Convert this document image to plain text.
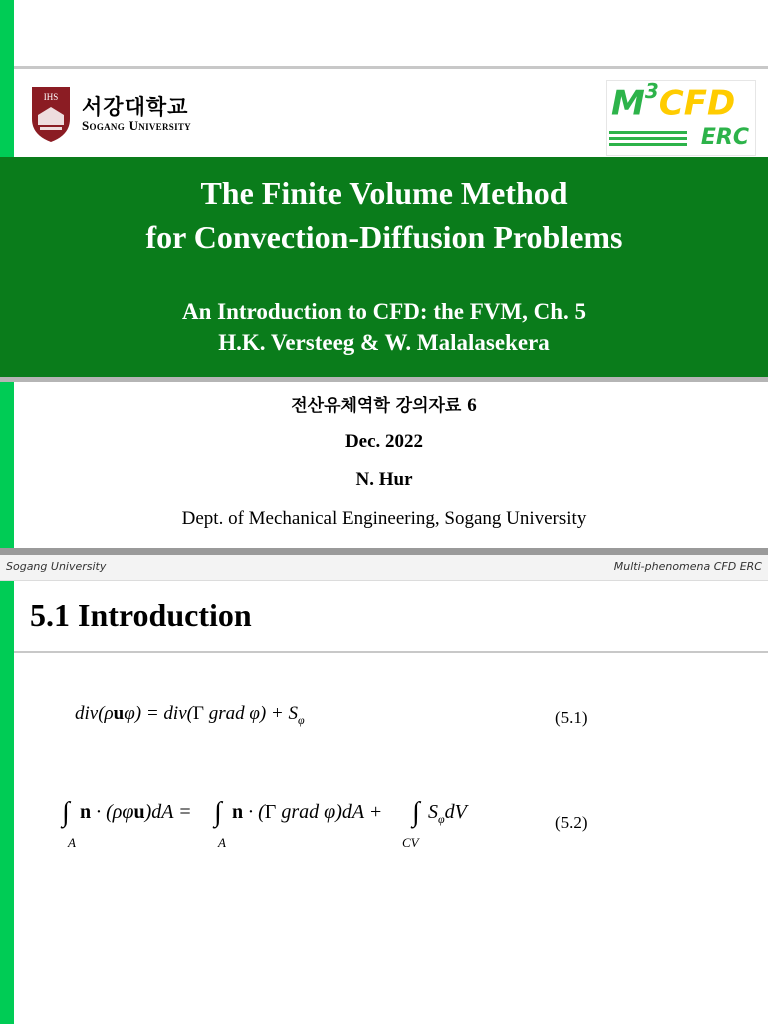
IHS 서강대학교
Sogang University
$M^3CFD$
ERC
The Finite Volume Method
for Convection-Diffusion Problems
An Introduction to CFD: the FVM, Ch. 5
H.K. Versteeg & W. Malalasekera
전산유체역학 강의자료 6
Dec. 2022
N. Hur
Dept. of Mechanical Engineering, Sogang University
Sogang University	Multi-phenomena CFD ERC
5.1 Introduction
div(ρuφ) = div(Γ grad $\varphi) + S_\varphi$	(5.1)
∫
A
n · (ρφu)dA = ∫
A
n · (Γ grad φ)dA + ∫
CV
$S_\varphi dV$	(5.2)
